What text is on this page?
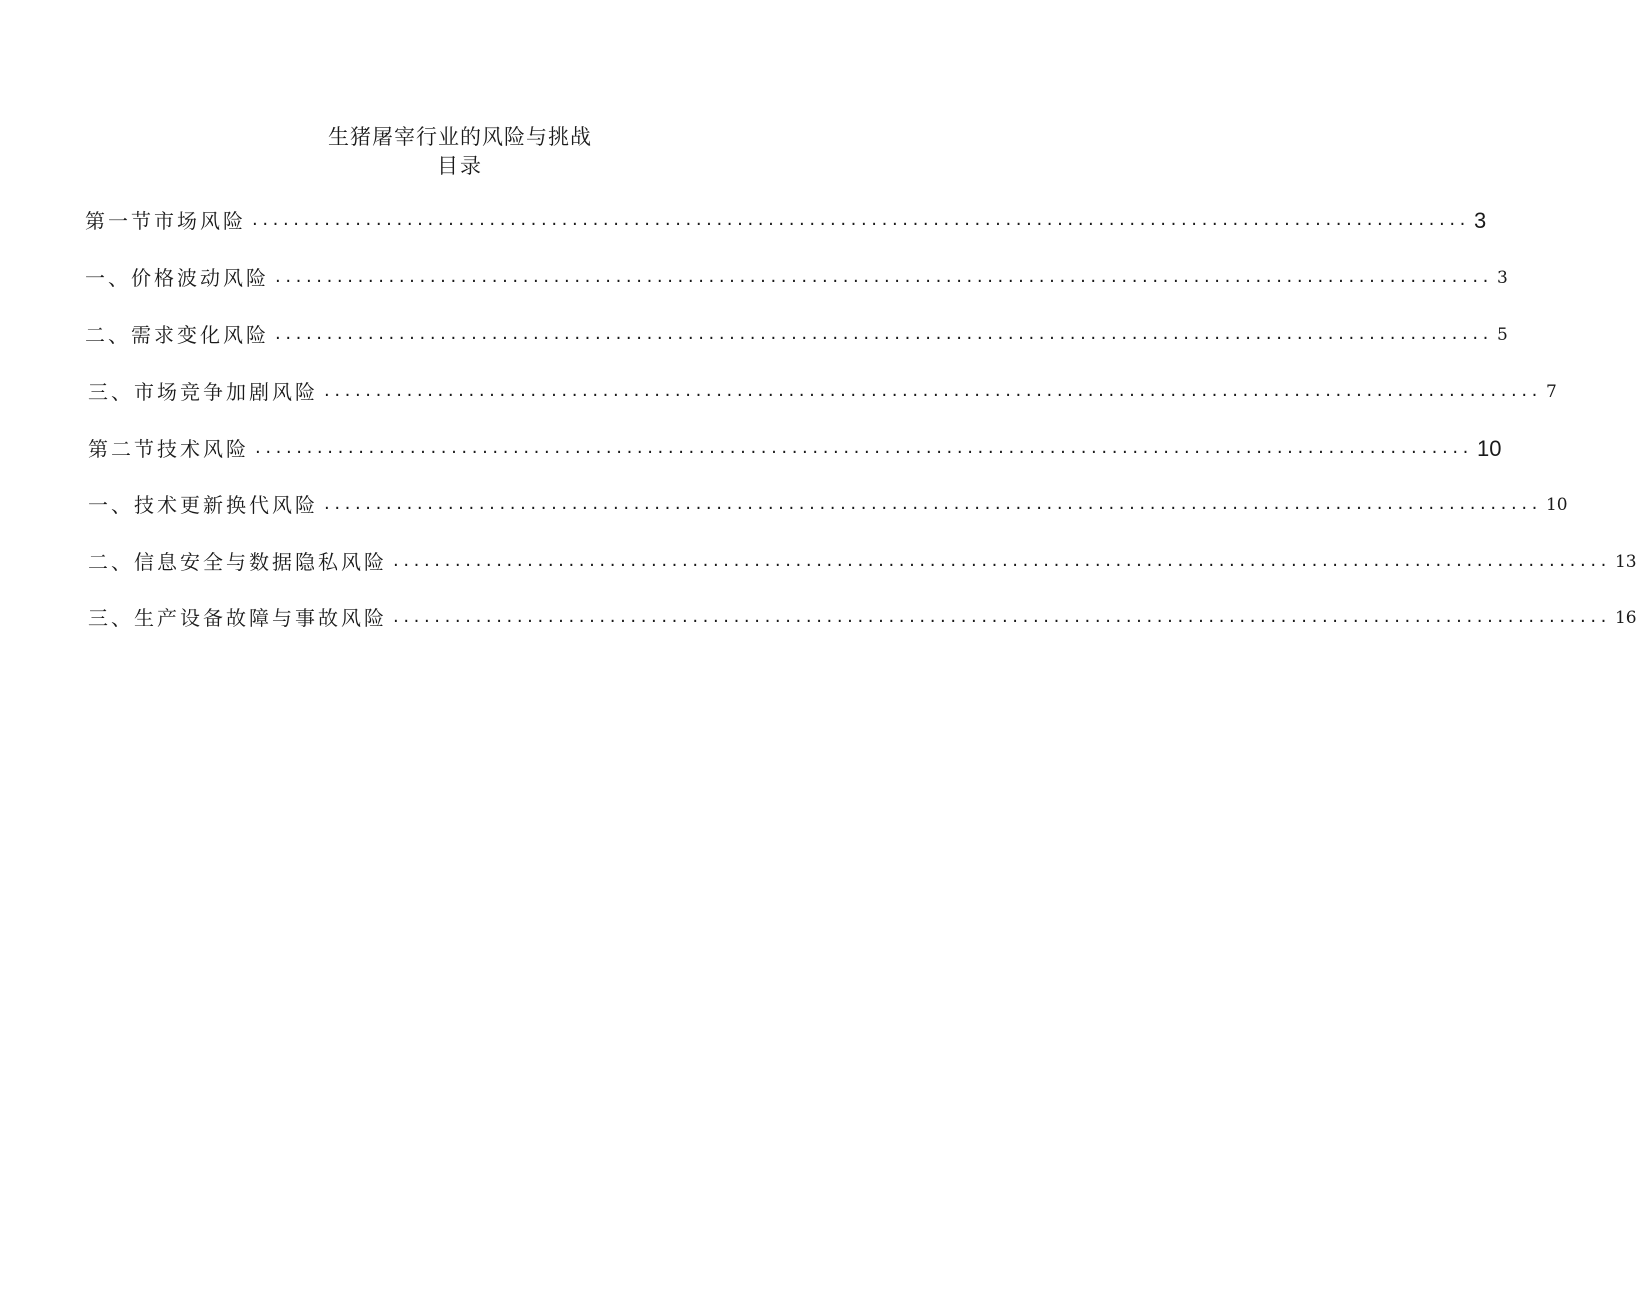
生猪屠宰行业的风险与挑战
目录
第一节市场风险 ...................................................................................................................... 3
一、价格波动风险 ...................................................................................................................... 3
二、需求变化风险 ...................................................................................................................... 5
三、市场竞争加剧风险 ...................................................................................................................... 7
第二节技术风险 ...................................................................................................................... 10
一、技术更新换代风险 ...................................................................................................................... 10
二、信息安全与数据隐私风险 ...................................................................................................................... 13
三、生产设备故障与事故风险 ...................................................................................................................... 16
